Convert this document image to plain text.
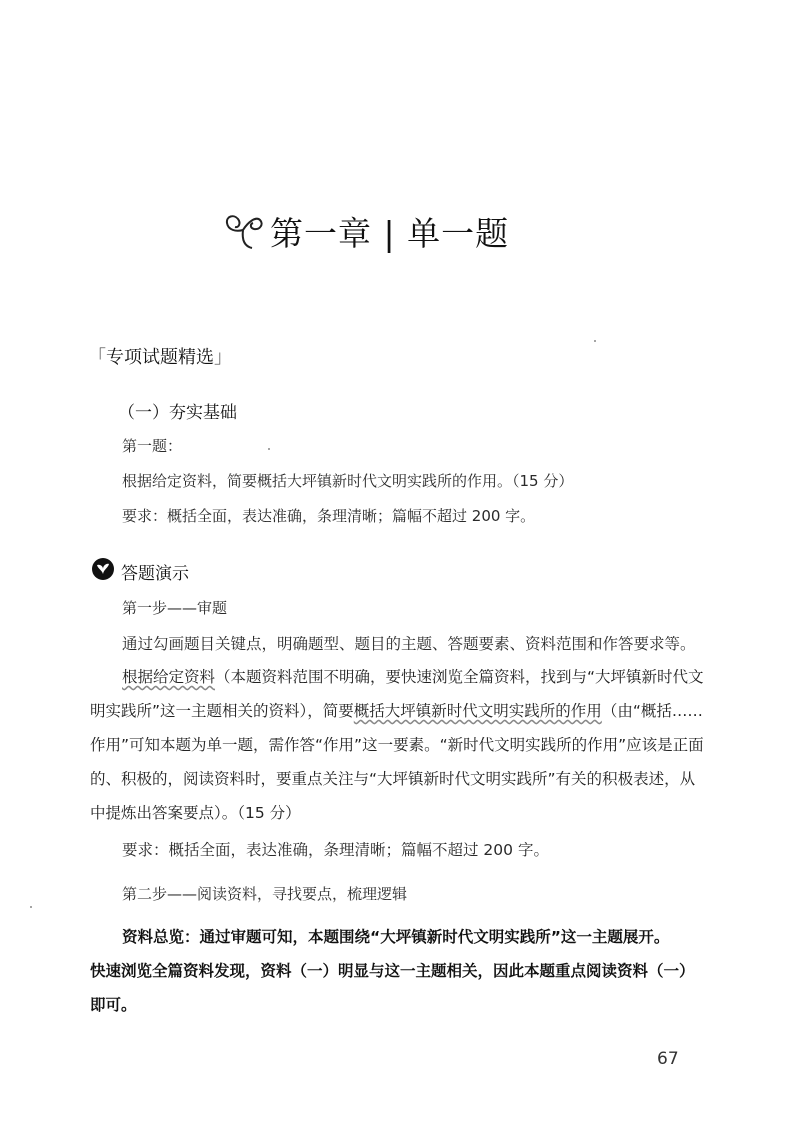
第一章 | 单一题
「专项试题精选」
（一）夯实基础
第一题：
根据给定资料，简要概括大坪镇新时代文明实践所的作用。（15 分）
要求：概括全面，表达准确，条理清晰；篇幅不超过 200 字。
答题演示
第一步——审题
通过勾画题目关键点，明确题型、题目的主题、答题要素、资料范围和作答要求等。
根据给定资料（本题资料范围不明确，要快速浏览全篇资料，找到与“大坪镇新时代文明实践所”这一主题相关的资料），简要概括大坪镇新时代文明实践所的作用（由“概括……作用”可知本题为单一题，需作答“作用”这一要素。“新时代文明实践所的作用”应该是正面的、积极的，阅读资料时，要重点关注与“大坪镇新时代文明实践所”有关的积极表述，从中提炼出答案要点）。（15 分）
要求：概括全面，表达准确，条理清晰；篇幅不超过 200 字。
第二步——阅读资料，寻找要点，梳理逻辑
资料总览：通过审题可知，本题围绕“大坪镇新时代文明实践所”这一主题展开。
快速浏览全篇资料发现，资料（一）明显与这一主题相关，因此本题重点阅读资料（一）
即可。
67
